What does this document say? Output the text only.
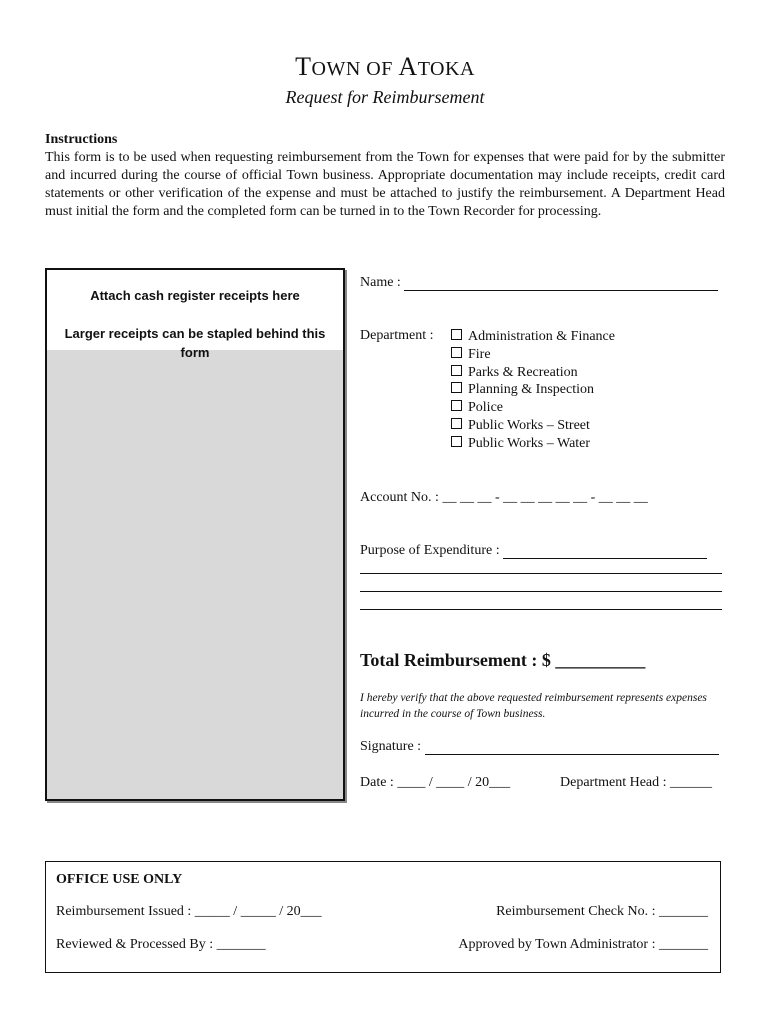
TOWN OF ATOKA
Request for Reimbursement
Instructions
This form is to be used when requesting reimbursement from the Town for expenses that were paid for by the submitter and incurred during the course of official Town business. Appropriate documentation may include receipts, credit card statements or other verification of the expense and must be attached to justify the reimbursement. A Department Head must initial the form and the completed form can be turned in to the Town Recorder for processing.
Attach cash register receipts here
Larger receipts can be stapled behind this form
Name :
Department :	Administration & Finance
Fire
Parks & Recreation
Planning & Inspection
Police
Public Works – Street
Public Works – Water
Account No. : __ __ __ - __ __ __ __ __ - __ __ __
Purpose of Expenditure :
Total Reimbursement : $ __________
I hereby verify that the above requested reimbursement represents expenses incurred in the course of Town business.
Signature :
Date : ____ / ____ / 20___	Department Head : ______
OFFICE USE ONLY
Reimbursement Issued : _____ / _____ / 20___	Reimbursement Check No. : _______
Reviewed & Processed By : _______	Approved by Town Administrator : _______
